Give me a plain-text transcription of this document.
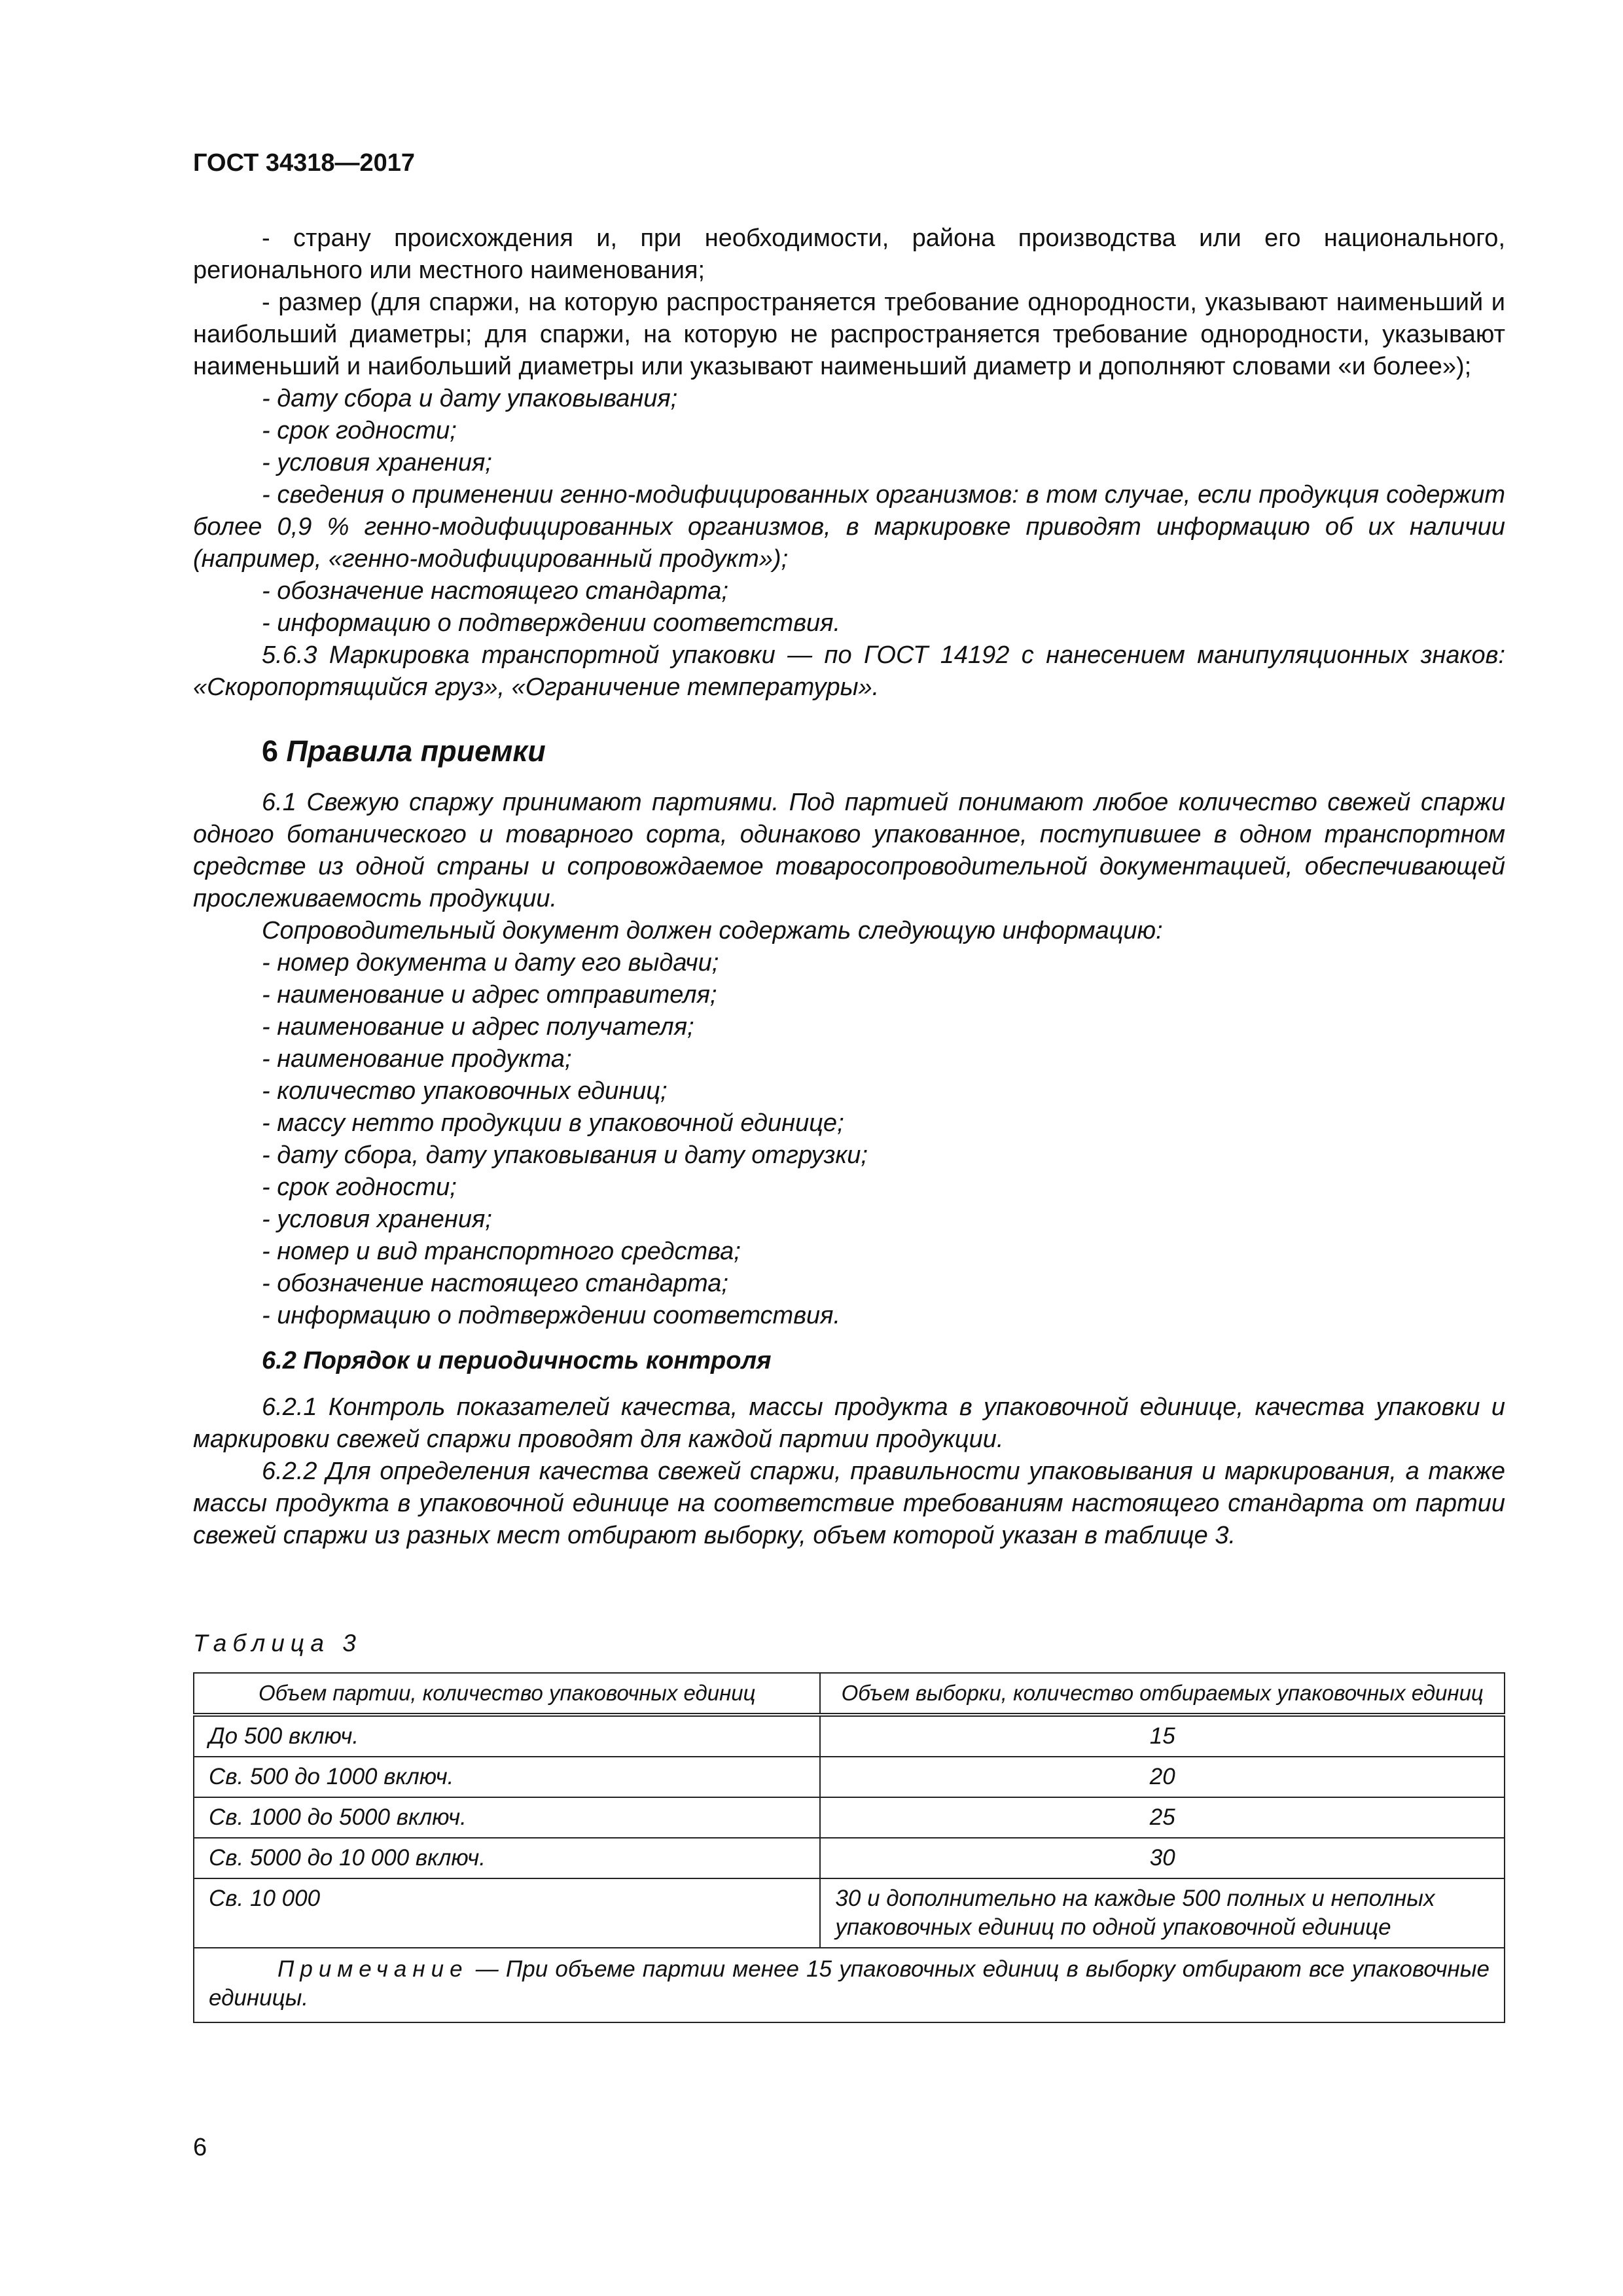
ГОСТ 34318—2017

- страну происхождения и, при необходимости, района производства или его национального, регионального или местного наименования;

- размер (для спаржи, на которую распространяется требование однородности, указывают наименьший и наибольший диаметры; для спаржи, на которую не распространяется требование однородности, указывают наименьший и наибольший диаметры или указывают наименьший диаметр и дополняют словами «и более»);

- дату сбора и дату упаковывания;

- срок годности;

- условия хранения;

- сведения о применении генно-модифицированных организмов: в том случае, если продукция содержит более 0,9 % генно-модифицированных организмов, в маркировке приводят информацию об их наличии (например, «генно-модифицированный продукт»);

- обозначение настоящего стандарта;

- информацию о подтверждении соответствия.

5.6.3 Маркировка транспортной упаковки — по ГОСТ 14192 с нанесением манипуляционных знаков: «Скоропортящийся груз», «Ограничение температуры».

6 Правила приемки

6.1 Свежую спаржу принимают партиями. Под партией понимают любое количество свежей спаржи одного ботанического и товарного сорта, одинаково упакованное, поступившее в одном транспортном средстве из одной страны и сопровождаемое товаросопроводительной документацией, обеспечивающей прослеживаемость продукции.

Сопроводительный документ должен содержать следующую информацию:

- номер документа и дату его выдачи;

- наименование и адрес отправителя;

- наименование и адрес получателя;

- наименование продукта;

- количество упаковочных единиц;

- массу нетто продукции в упаковочной единице;

- дату сбора, дату упаковывания и дату отгрузки;

- срок годности;

- условия хранения;

- номер и вид транспортного средства;

- обозначение настоящего стандарта;

- информацию о подтверждении соответствия.

6.2 Порядок и периодичность контроля

6.2.1 Контроль показателей качества, массы продукта в упаковочной единице, качества упаковки и маркировки свежей спаржи проводят для каждой партии продукции.

6.2.2 Для определения качества свежей спаржи, правильности упаковывания и маркирования, а также массы продукта в упаковочной единице на соответствие требованиям настоящего стандарта от партии свежей спаржи из разных мест отбирают выборку, объем которой указан в таблице 3.

Таблица 3
Объем партии, количество упаковочных единиц	Объем выборки, количество отбираемых упаковочных единиц
До 500 включ.	15
Св. 500 до 1000 включ.	20
Св. 1000 до 5000 включ.	25
Св. 5000 до 10 000 включ.	30
Св. 10 000	30 и дополнительно на каждые 500 полных и неполных упаковочных единиц по одной упаковочной единице
Примечание — При объеме партии менее 15 упаковочных единиц в выборку отбирают все упаковочные единицы.	
6
